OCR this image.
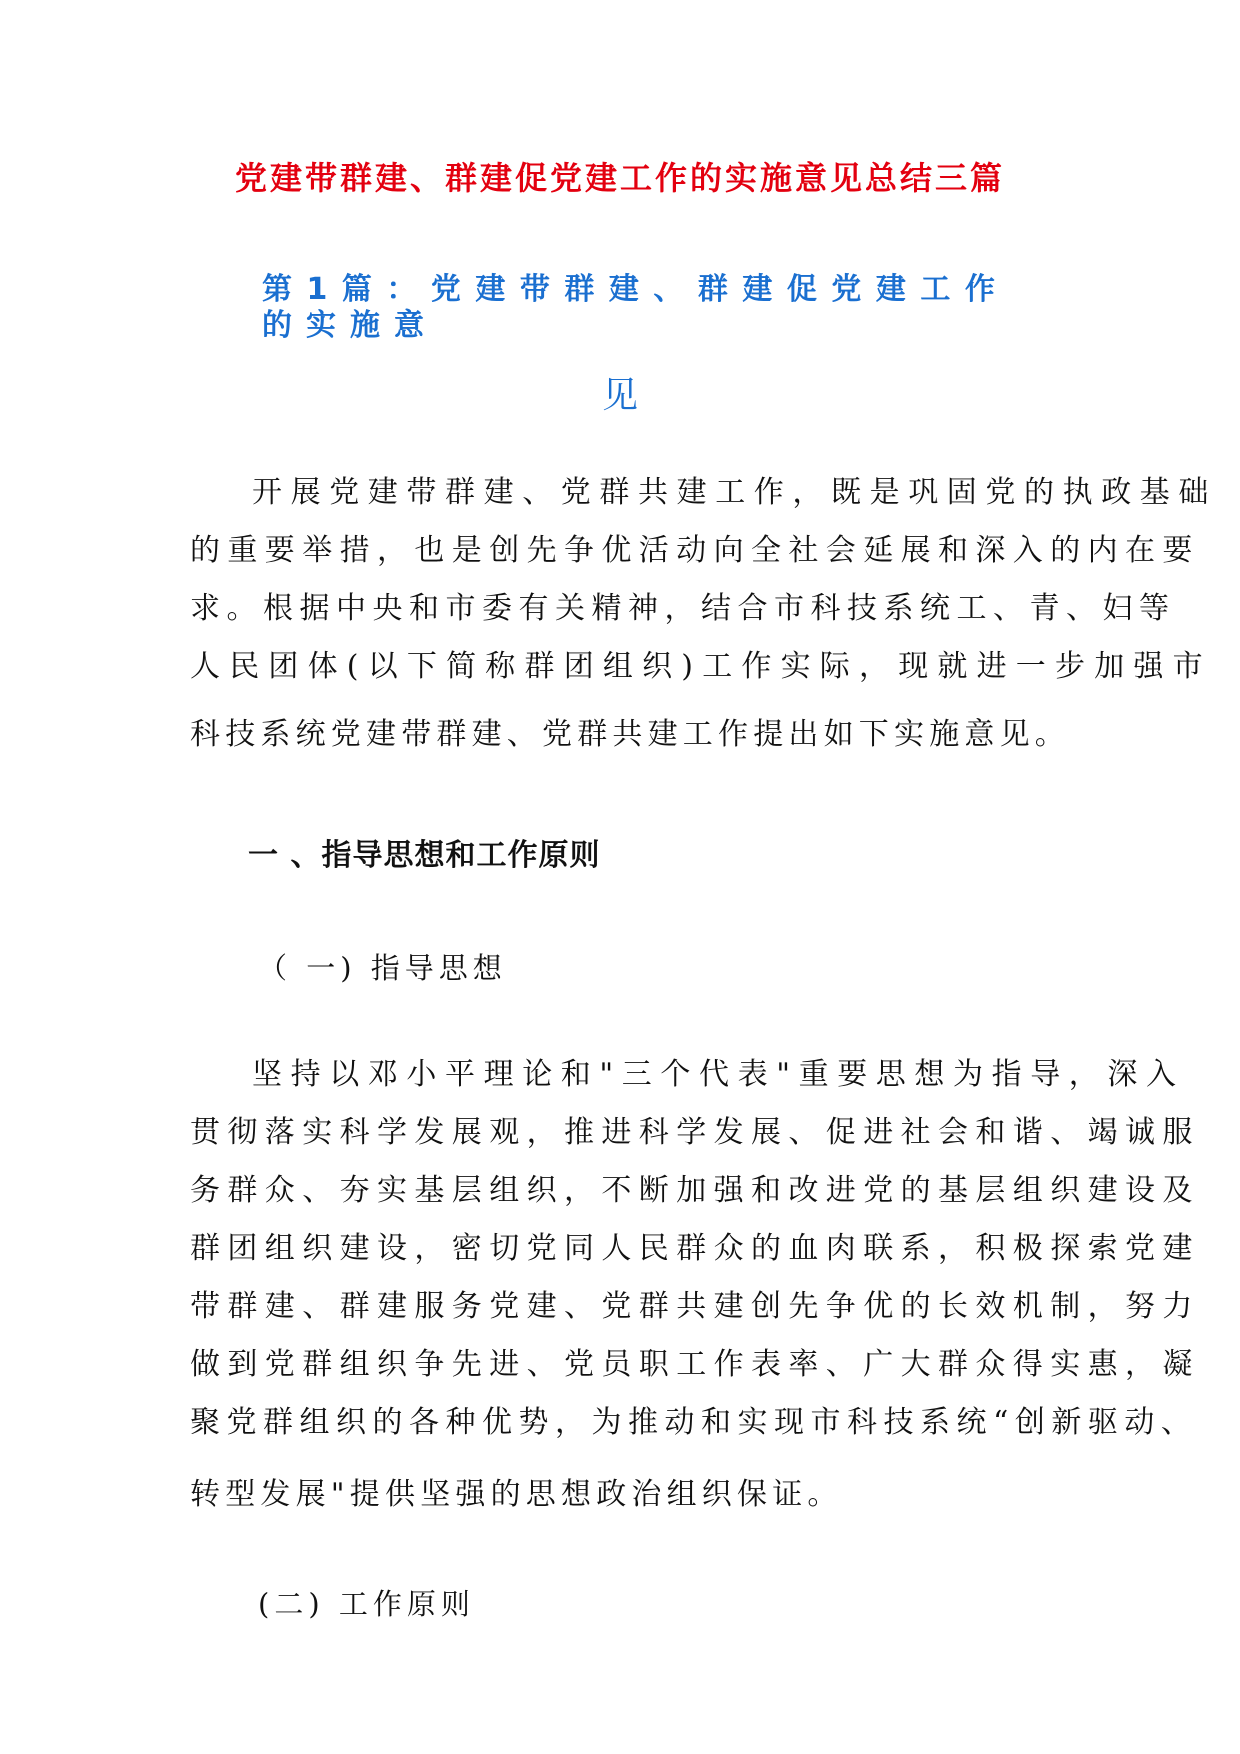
党建带群建、群建促党建工作的实施意见总结三篇
第1篇：党建带群建、群建促党建工作
的实施意
见
开展党建带群建、党群共建工作，既是巩固党的执政基础
的重要举措，也是创先争优活动向全社会延展和深入的内在要
求。根据中央和市委有关精神，结合市科技系统工、青、妇等
人民团体(以下简称群团组织)工作实际，现就进一步加强市
科技系统党建带群建、党群共建工作提出如下实施意见。
一 、指导思想和工作原则
（ 一) 指导思想
坚持以邓小平理论和"三个代表"重要思想为指导，深入
贯彻落实科学发展观，推进科学发展、促进社会和谐、竭诚服
务群众、夯实基层组织，不断加强和改进党的基层组织建设及
群团组织建设，密切党同人民群众的血肉联系，积极探索党建
带群建、群建服务党建、党群共建创先争优的长效机制，努力
做到党群组织争先进、党员职工作表率、广大群众得实惠，凝
聚党群组织的各种优势，为推动和实现市科技系统“创新驱动、
转型发展"提供坚强的思想政治组织保证。
(二) 工作原则
